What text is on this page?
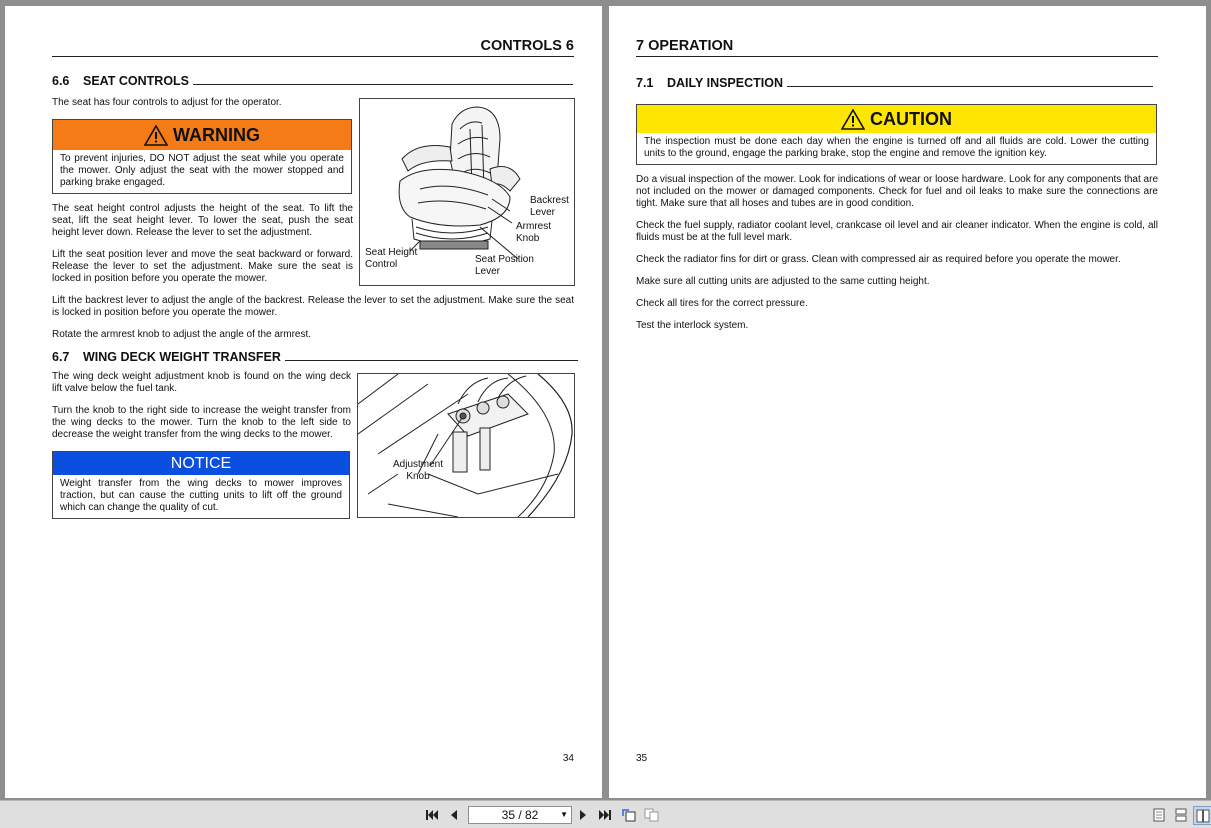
CONTROLS 6
6.6 SEAT CONTROLS

The seat has four controls to adjust for the operator.

WARNING
To prevent injuries, DO NOT adjust the seat while you operate the mower. Only adjust the seat with the mower stopped and parking brake engaged.

The seat height control adjusts the height of the seat. To lift the seat, lift the seat height lever. To lower the seat, push the seat height lever down. Release the lever to set the adjustment.

Lift the seat position lever and move the seat backward or forward. Release the lever to set the adjustment. Make sure the seat is locked in position before you operate the mower.

Backrest
Lever
Armrest
Knob
Seat Height
Control	Seat Position
Lever

Lift the backrest lever to adjust the angle of the backrest. Release the lever to set the adjustment. Make sure the seat is locked in position before you operate the mower.

Rotate the armrest knob to adjust the angle of the armrest.

6.7 WING DECK WEIGHT TRANSFER

The wing deck weight adjustment knob is found on the wing deck lift valve below the fuel tank.

Turn the knob to the right side to increase the weight transfer from the wing decks to the mower. Turn the knob to the left side to decrease the weight transfer from the wing decks to the mower.

NOTICE
Weight transfer from the wing decks to mower improves traction, but can cause the cutting units to lift off the ground which can change the quality of cut.
Adjustment
Knob
34
7 OPERATION
7.1 DAILY INSPECTION
CAUTION
The inspection must be done each day when the engine is turned off and all fluids are cold. Lower the cutting units to the ground, engage the parking brake, stop the engine and remove the ignition key.

Do a visual inspection of the mower. Look for indications of wear or loose hardware. Look for any components that are not included on the mower or damaged components. Check for fuel and oil leaks to make sure the connections are tight. Make sure that all hoses and tubes are in good condition.

Check the fuel supply, radiator coolant level, crankcase oil level and air cleaner indicator. When the engine is cold, all fluids must be at the full level mark.

Check the radiator fins for dirt or grass. Clean with compressed air as required before you operate the mower.

Make sure all cutting units are adjusted to the same cutting height.

Check all tires for the correct pressure.

Test the interlock system.

35
35 / 82	▼
